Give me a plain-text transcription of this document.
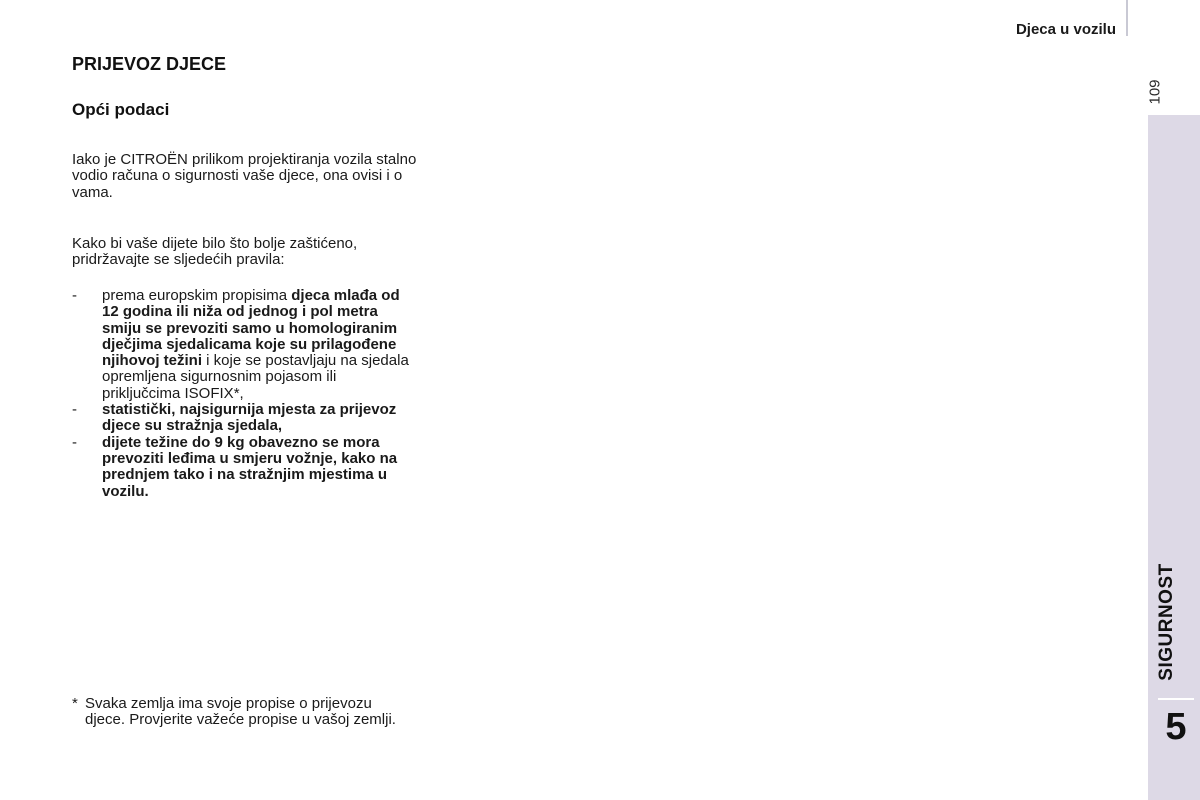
Djeca u vozilu
109
SIGURNOST
5
PRIJEVOZ DJECE
Opći podaci

Iako je CITROËN prilikom projektiranja vozila stalno vodio računa o sigurnosti vaše djece, ona ovisi i o vama.

Kako bi vaše dijete bilo što bolje zaštićeno, pridržavajte se sljedećih pravila:

- prema europskim propisima djeca mlađa od 12 godina ili niža od jednog i pol metra smiju se prevoziti samo u homologiranim dječjima sjedalicama koje su prilagođene njihovoj težini i koje se postavljaju na sjedala opremljena sigurnosnim pojasom ili priključcima ISOFIX*,
- statistički, najsigurnija mjesta za prijevoz djece su stražnja sjedala,
- dijete težine do 9 kg obavezno se mora prevoziti leđima u smjeru vožnje, kako na prednjem tako i na stražnjim mjestima u vozilu.

* Svaka zemlja ima svoje propise o prijevozu djece. Provjerite važeće propise u vašoj zemlji.
